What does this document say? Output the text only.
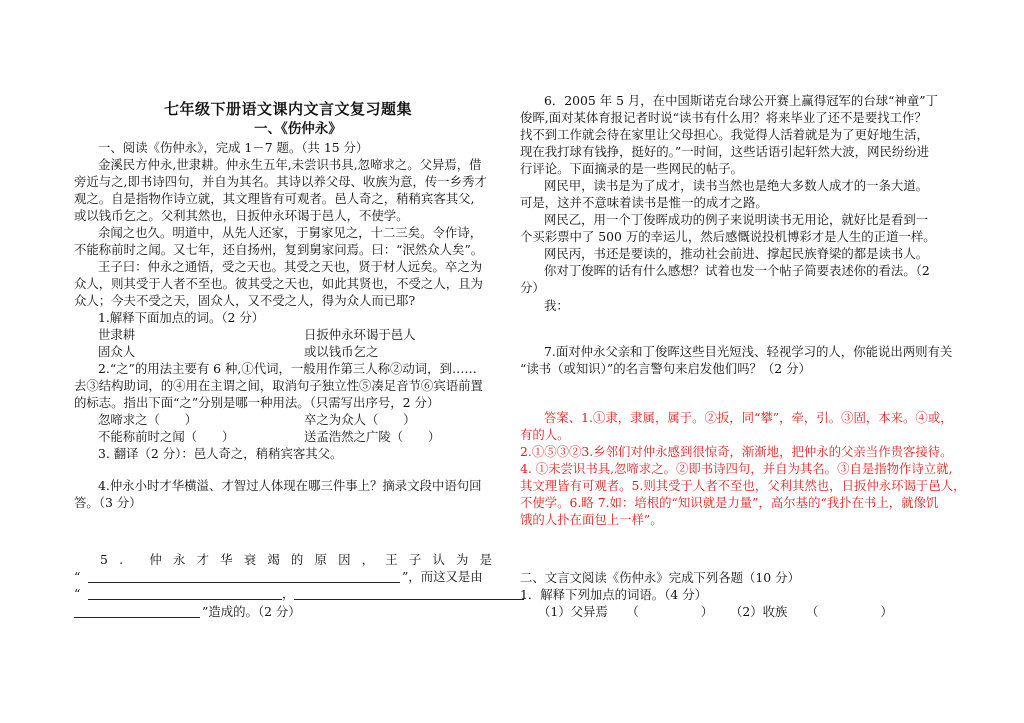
七年级下册语文课内文言文复习题集
一、《伤仲永》
一、阅读《伤仲永》，完成 1－7 题。（共 15 分）
金溪民方仲永,世隶耕。仲永生五年,未尝识书具,忽啼求之。父异焉，借
旁近与之,即书诗四句，并自为其名。其诗以养父母、收族为意，传一乡秀才
观之。自是指物作诗立就，其文理皆有可观者。邑人奇之，稍稍宾客其父,
或以钱币乞之。父利其然也，日扳仲永环谒于邑人，不使学。
余闻之也久。明道中，从先人还家，于舅家见之，十二三矣。令作诗，
不能称前时之闻。又七年，还自扬州，复到舅家问焉。曰：“泯然众人矣”。
王子曰：仲永之通悟，受之天也。其受之天也，贤于材人远矣。卒之为
众人，则其受于人者不至也。彼其受之天也，如此其贤也，不受之人，且为
众人；今夫不受之天，固众人，又不受之人，得为众人而已耶?
1.解释下面加点的词。（2 分）
世隶耕	日扳仲永环谒于邑人
固众人	或以钱币乞之
2.“之”的用法主要有 6 种,①代词，一般用作第三人称②动词，到……
去③结构助词，的④用在主谓之间，取消句子独立性⑤凑足音节⑥宾语前置
的标志。指出下面“之”分别是哪一种用法。（只需写出序号，2 分）
忽啼求之（　　）	卒之为众人（　　）
不能称前时之闻（　　）	送孟浩然之广陵（　　）
3. 翻译（2 分）：邑人奇之，稍稍宾客其父。
4.仲永小时才华横溢、才智过人体现在哪三件事上？摘录文段中语句回
答。（3 分）
5. 仲永才华衰竭的原因，王子认为是
“	”，而这又是由
“	，
”造成的。（2 分）
6．2005 年 5 月，在中国斯诺克台球公开赛上赢得冠军的台球“神童”丁
俊晖,面对某体育报记者时说“读书有什么用？将来毕业了还不是要找工作？
找不到工作就会待在家里让父母担心。我觉得人活着就是为了更好地生活，
现在我打球有钱挣，挺好的。”一时间，这些话语引起轩然大波，网民纷纷进
行评论。下面摘录的是一些网民的帖子。
网民甲，读书是为了成才，读书当然也是绝大多数人成才的一条大道。
可是，这并不意味着读书是惟一的成才之路。
网民乙，用一个丁俊晖成功的例子来说明读书无用论，就好比是看到一
个买彩票中了 500 万的幸运儿，然后感慨说投机博彩才是人生的正道一样。
网民丙，书还是要读的，推动社会前进、撑起民族脊梁的都是读书人。
你对丁俊晖的话有什么感想？试着也发一个帖子简要表述你的看法。（2
分）
我：
7.面对仲永父亲和丁俊晖这些目光短浅、轻视学习的人，你能说出两则有关
“读书（或知识）”的名言警句来启发他们吗？（2 分）
答案、1.①隶，隶属，属于。②扳，同“攀”，牵，引。③固，本来。④或，
有的人。
2.①⑤③②3.乡邻们对仲永感到很惊奇，渐渐地，把仲永的父亲当作贵客接待。
4. ①未尝识书具,忽啼求之。②即书诗四句，并自为其名。③自是指物作诗立就,
其文理皆有可观者。5.则其受于人者不至也，父利其然也，日扳仲永环谒于邑人，
不使学。6.略 7.如：培根的“知识就是力量”，高尔基的“我扑在书上，就像饥
饿的人扑在面包上一样”。
二、文言文阅读《伤仲永》完成下列各题（10 分）
1．解释下列加点的词语。（4 分）
（1）父异焉　　（　　　　　） （2）收族　　（　　　　　）
